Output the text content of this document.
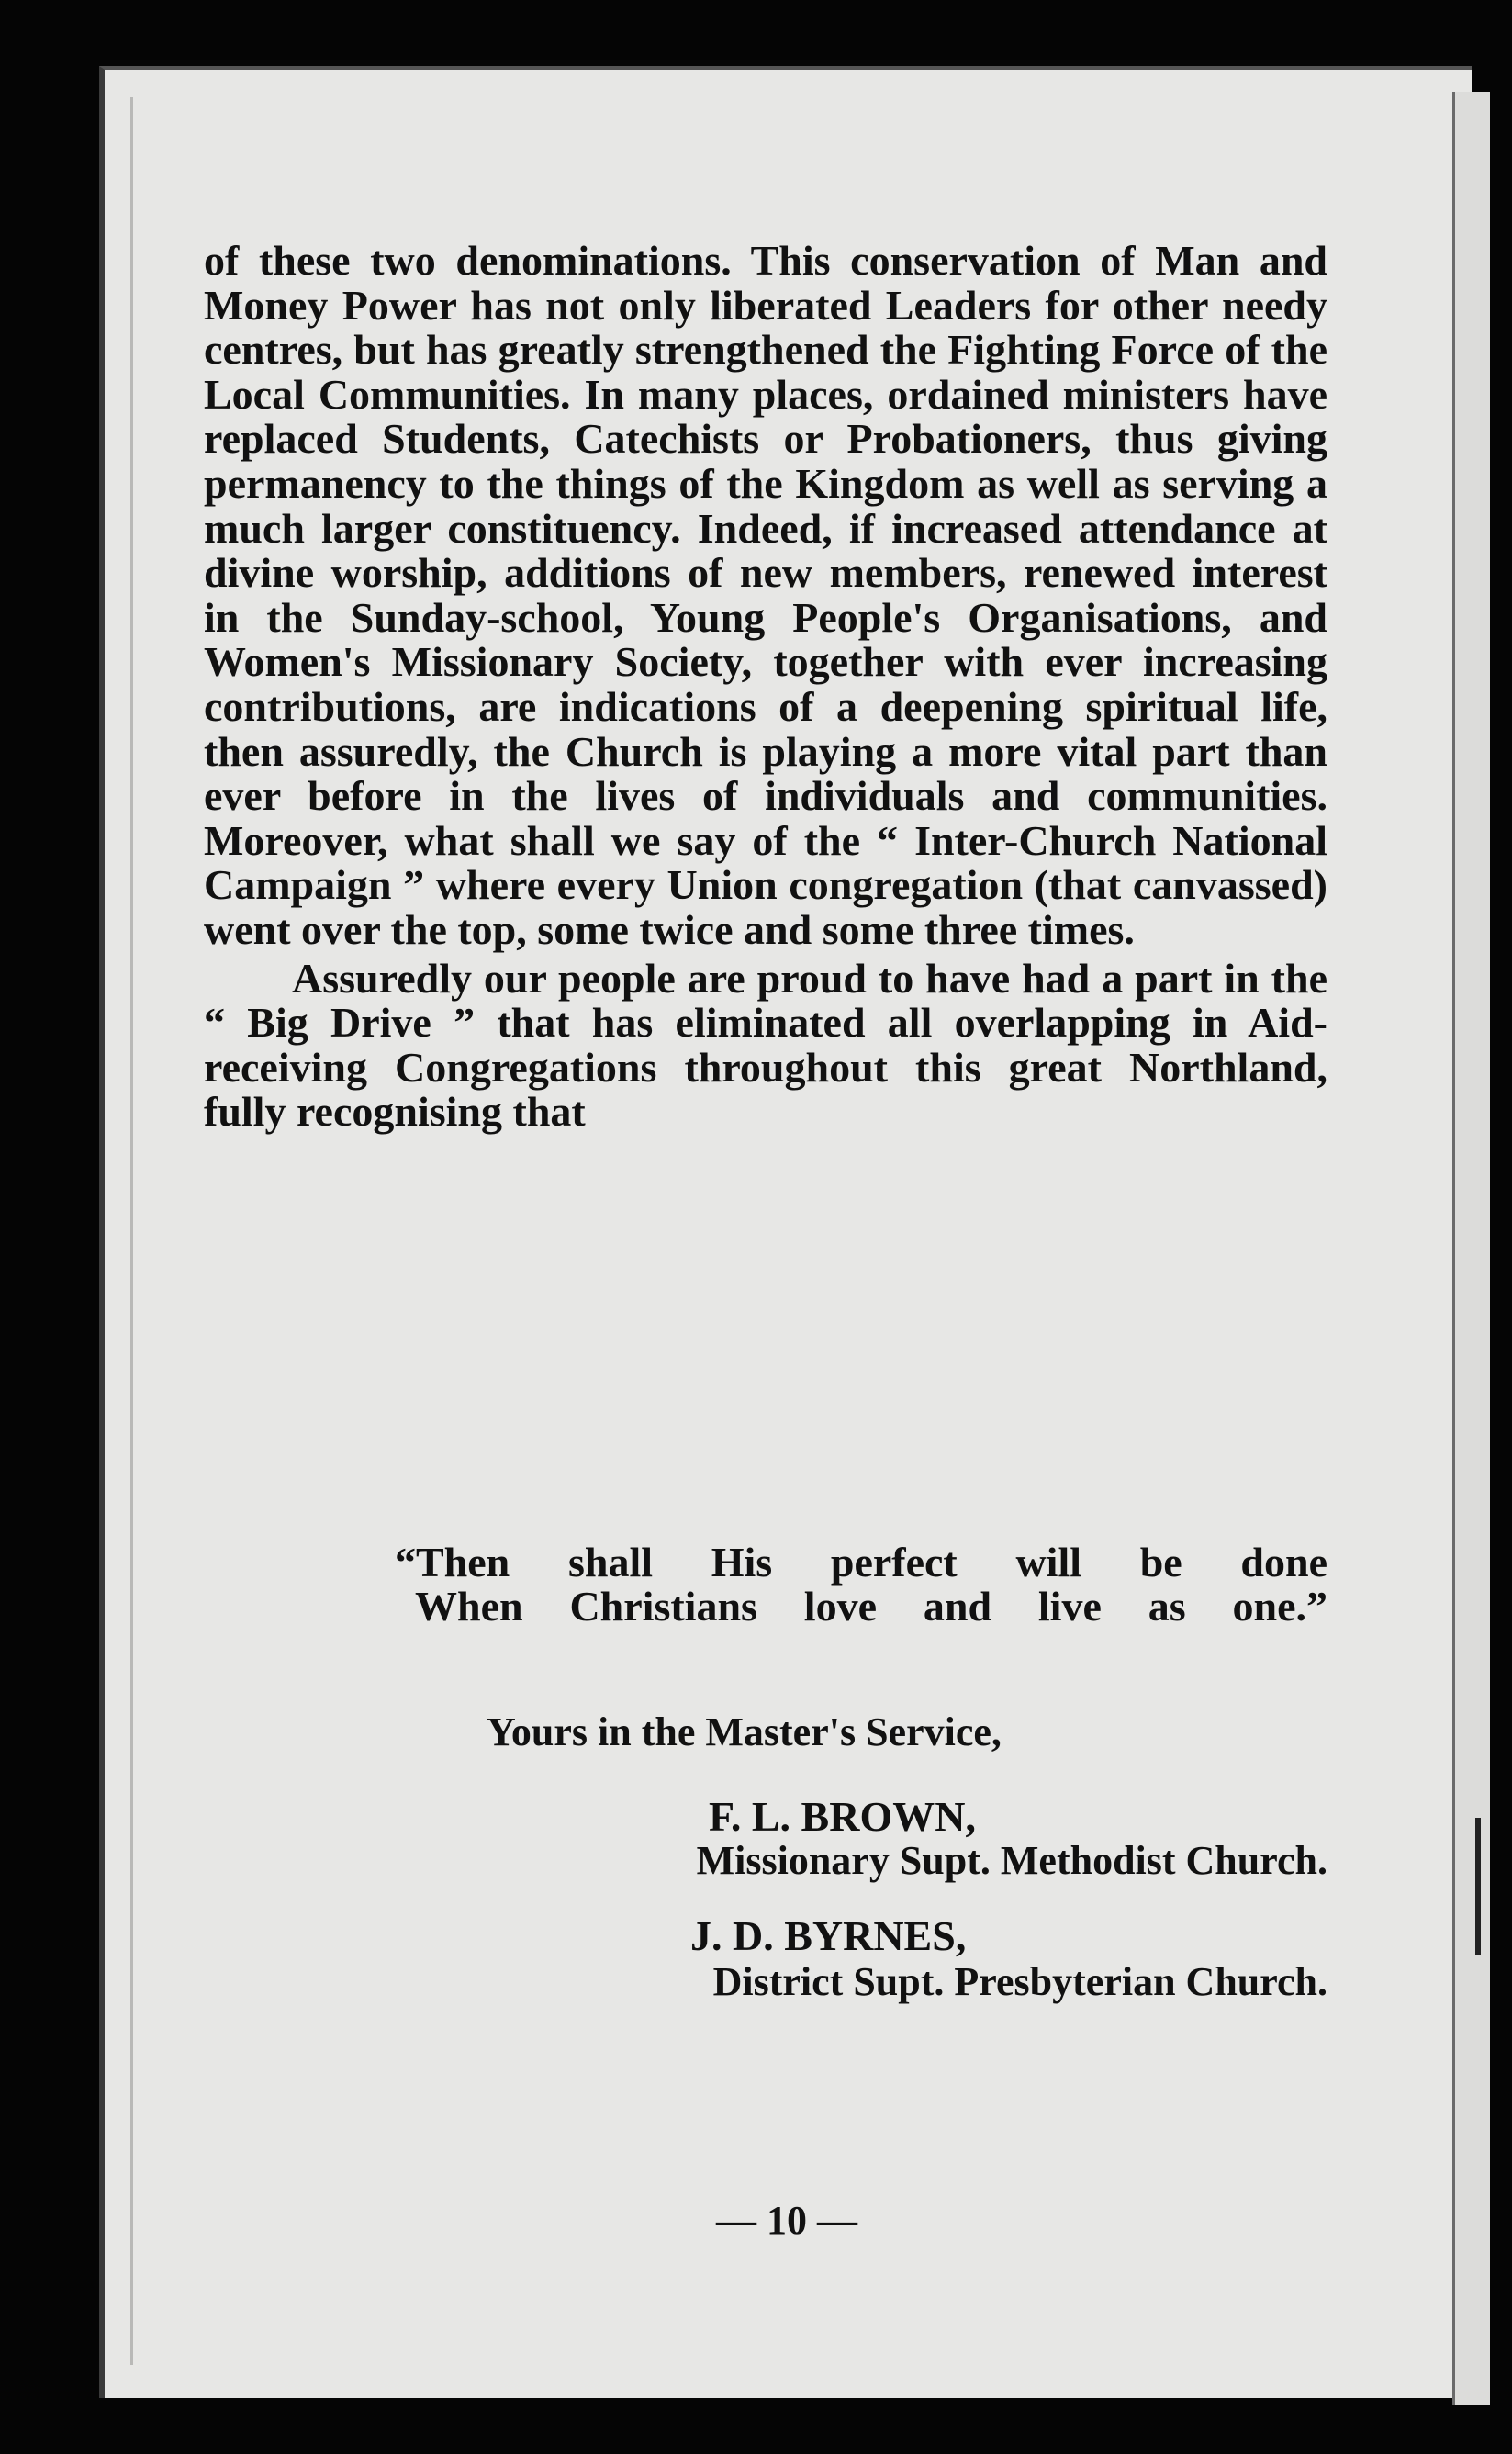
of these two denominations. This conservation of Man and Money Power has not only liberated Leaders for other needy centres, but has greatly strengthened the Fighting Force of the Local Communities. In many places, ordained ministers have replaced Students, Catechists or Probationers, thus giving permanency to the things of the Kingdom as well as serving a much larger constituency. Indeed, if increased attendance at divine worship, additions of new members, renewed interest in the Sunday-school, Young People's Organisations, and Women's Missionary Society, together with ever increasing contributions, are indications of a deepening spiritual life, then assuredly, the Church is playing a more vital part than ever before in the lives of individuals and communities. Moreover, what shall we say of the “ Inter-Church National Campaign ” where every Union congregation (that canvassed) went over the top, some twice and some three times.

Assuredly our people are proud to have had a part in the “ Big Drive ” that has eliminated all overlapping in Aid-receiving Congregations throughout this great Northland, fully recognising that

“Then shall His perfect will be done
When Christians love and live as one.”
Yours in the Master's Service,
F. L. BROWN,
Missionary Supt. Methodist Church.
J. D. BYRNES,
District Supt. Presbyterian Church.
— 10 —
